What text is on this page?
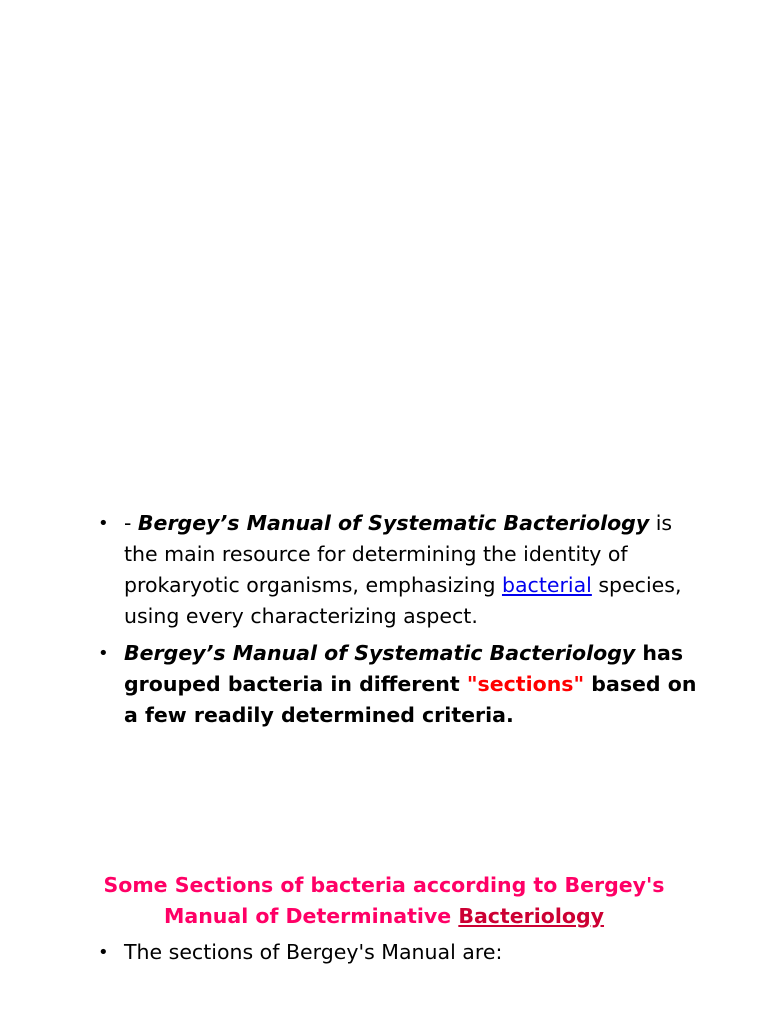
• - Bergey’s Manual of Systematic Bacteriology is the main resource for determining the identity of prokaryotic organisms, emphasizing bacterial species, using every characterizing aspect.
• Bergey’s Manual of Systematic Bacteriology has grouped bacteria in different "sections" based on a few readily determined criteria.
Some Sections of bacteria according to Bergey's
Manual of Determinative Bacteriology
• The sections of Bergey's Manual are:
